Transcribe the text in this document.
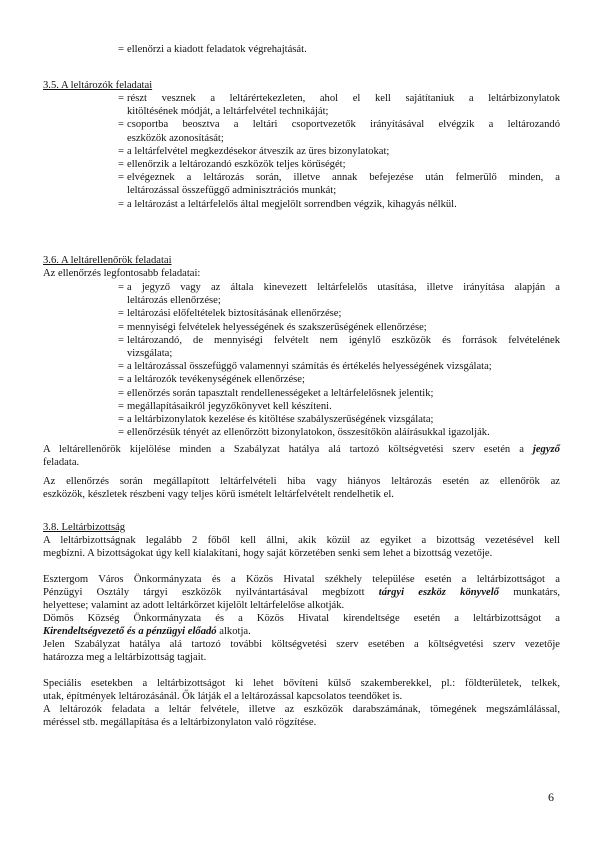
= ellenőrzi a kiadott feladatok végrehajtását.
3.5. A leltározók feladatai
= részt vesznek a leltárértekezleten, ahol el kell sajátítaniuk a leltárbizonylatok
kitöltésének módját, a leltárfelvétel technikáját;
= csoportba beosztva a leltári csoportvezetők irányításával elvégzik a leltározandó
eszközök azonosítását;
= a leltárfelvétel megkezdésekor átveszik az üres bizonylatokat;
= ellenőrzik a leltározandó eszközök teljes körűségét;
= elvégeznek a leltározás során, illetve annak befejezése után felmerülő minden, a
leltározással összefüggő adminisztrációs munkát;
= a leltározást a leltárfelelős által megjelölt sorrendben végzik, kihagyás nélkül.
3.6. A leltárellenőrök feladatai
Az ellenőrzés legfontosabb feladatai:
= a jegyző vagy az általa kinevezett leltárfelelős utasítása, illetve irányítása alapján a
leltározás ellenőrzése;
= leltározási előfeltételek biztosításának ellenőrzése;
= mennyiségi felvételek helyességének és szakszerűségének ellenőrzése;
= leltározandó, de mennyiségi felvételt nem igénylő eszközök és források felvételének
vizsgálata;
= a leltározással összefüggő valamennyi számítás és értékelés helyességének vizsgálata;
= a leltározók tevékenységének ellenőrzése;
= ellenőrzés során tapasztalt rendellenességeket a leltárfelelősnek jelentik;
= megállapításaikról jegyzőkönyvet kell készíteni.
= a leltárbizonylatok kezelése és kitöltése szabályszerűségének vizsgálata;
= ellenőrzésük tényét az ellenőrzött bizonylatokon, összesítőkön aláírásukkal igazolják.
A leltárellenőrök kijelölése minden a Szabályzat hatálya alá tartozó költségvetési szerv esetén a jegyző
feladata.
Az ellenőrzés során megállapított leltárfelvételi hiba vagy hiányos leltározás esetén az ellenőrök az
eszközök, készletek részbeni vagy teljes körű ismételt leltárfelvételt rendelhetik el.
3.8. Leltárbizottság
A leltárbizottságnak legalább 2 főből kell állni, akik közül az egyiket a bizottság vezetésével kell
megbízni. A bizottságokat úgy kell kialakítani, hogy saját körzetében senki sem lehet a bizottság vezetője.
Esztergom Város Önkormányzata és a Közös Hivatal székhely települése esetén a leltárbizottságot a
Pénzügyi Osztály tárgyi eszközök nyilvántartásával megbízott tárgyi eszköz könyvelő munkatárs,
helyettese; valamint az adott leltárkörzet kijelölt leltárfelelőse alkotják.
Dömös Község Önkormányzata és a Közös Hivatal kirendeltsége esetén a leltárbizottságot a
Kirendeltségvezető és a pénzügyi előadó alkotja.
Jelen Szabályzat hatálya alá tartozó további költségvetési szerv esetében a költségvetési szerv vezetője
határozza meg a leltárbizottság tagjait.
Speciális esetekben a leltárbizottságot ki lehet bővíteni külső szakemberekkel, pl.: földterületek, telkek,
utak, építmények leltározásánál. Ők látják el a leltározással kapcsolatos teendőket is.
A leltározók feladata a leltár felvétele, illetve az eszközök darabszámának, tömegének megszámlálással,
méréssel stb. megállapítása és a leltárbizonylaton való rögzítése.
6
